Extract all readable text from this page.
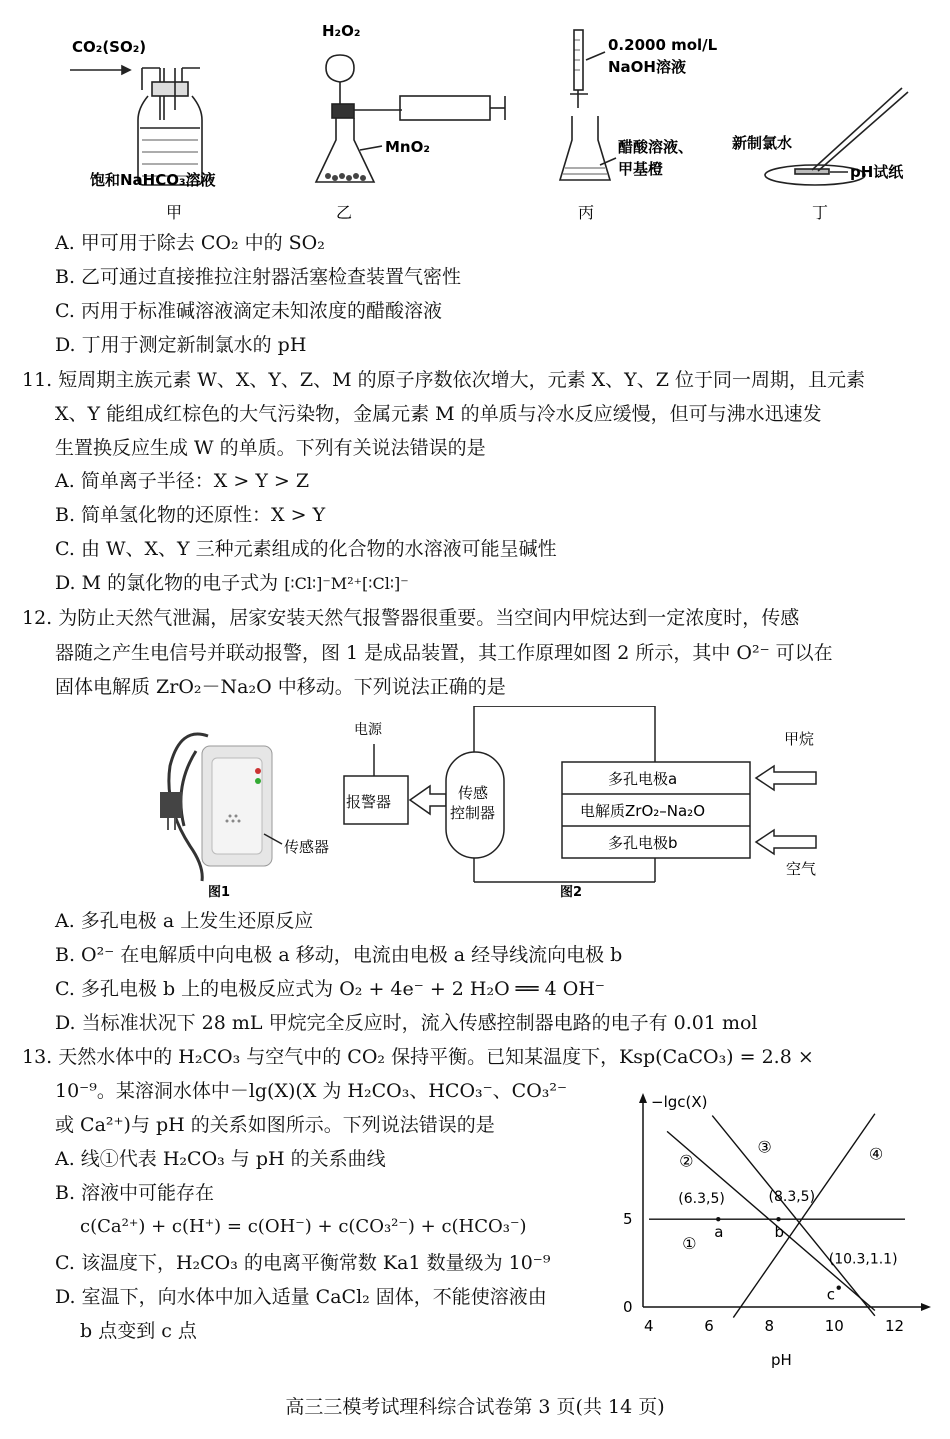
CO₂(SO₂)
饱和NaHCO₃溶液
甲
H₂O₂
MnO₂
乙
0.2000 mol/L
NaOH溶液
醋酸溶液、
甲基橙
丙
新制氯水
pH试纸
丁
A. 甲可用于除去 CO₂ 中的 SO₂
B. 乙可通过直接推拉注射器活塞检查装置气密性
C. 丙用于标准碱溶液滴定未知浓度的醋酸溶液
D. 丁用于测定新制氯水的 pH
11. 短周期主族元素 W、X、Y、Z、M 的原子序数依次增大，元素 X、Y、Z 位于同一周期，且元素
X、Y 能组成红棕色的大气污染物，金属元素 M 的单质与冷水反应缓慢，但可与沸水迅速发
生置换反应生成 W 的单质。下列有关说法错误的是
A. 简单离子半径：X > Y > Z
B. 简单氢化物的还原性：X > Y
C. 由 W、X、Y 三种元素组成的化合物的水溶液可能呈碱性
D. M 的氯化物的电子式为 [∶Cl∶]⁻M²⁺[∶Cl∶]⁻
12. 为防止天然气泄漏，居家安装天然气报警器很重要。当空间内甲烷达到一定浓度时，传感
器随之产生电信号并联动报警，图 1 是成品装置，其工作原理如图 2 所示，其中 O²⁻ 可以在
固体电解质 ZrO₂－Na₂O 中移动。下列说法正确的是
传感器
图1
电源
报警器	传感
控制器
多孔电极a
电解质ZrO₂–Na₂O
多孔电极b
甲烷
空气
图2
A. 多孔电极 a 上发生还原反应
B. O²⁻ 在电解质中向电极 a 移动，电流由电极 a 经导线流向电极 b
C. 多孔电极 b 上的电极反应式为 O₂ + 4e⁻ + 2 H₂O ══ 4 OH⁻
D. 当标准状况下 28 mL 甲烷完全反应时，流入传感控制器电路的电子有 0.01 mol
13. 天然水体中的 H₂CO₃ 与空气中的 CO₂ 保持平衡。已知某温度下，Ksp(CaCO₃) = 2.8 ×
10⁻⁹。某溶洞水体中－lg(X)(X 为 H₂CO₃、HCO₃⁻、CO₃²⁻
或 Ca²⁺)与 pH 的关系如图所示。下列说法错误的是
A. 线①代表 H₂CO₃ 与 pH 的关系曲线
B. 溶液中可能存在
c(Ca²⁺) + c(H⁺) = c(OH⁻) + c(CO₃²⁻) + c(HCO₃⁻)
C. 该温度下，H₂CO₃ 的电离平衡常数 Ka1 数量级为 10⁻⁹
D. 室温下，向水体中加入适量 CaCl₂ 固体，不能使溶液由
b 点变到 c 点
−lgc(X)
pH
4	6	8	10	12
0
5
①
②
③	④
a
(6.3,5)
b
(8.3,5)
c
(10.3,1.1)
高三三模考试理科综合试卷第 3 页(共 14 页)
